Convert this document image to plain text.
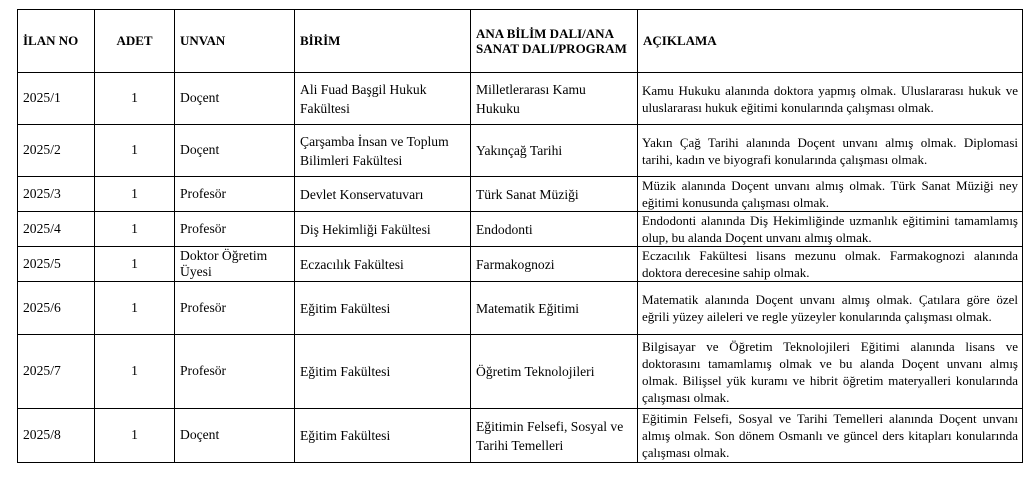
İLAN NO	ADET	UNVAN	BİRİM	ANA BİLİM DALI/ANA SANAT DALI/PROGRAM	AÇIKLAMA
2025/1	1	Doçent	Ali Fuad Başgil Hukuk Fakültesi	Milletlerarası Kamu Hukuku	Kamu Hukuku alanında doktora yapmış olmak. Uluslararası hukuk ve uluslararası hukuk eğitimi konularında çalışması olmak.
2025/2	1	Doçent	Çarşamba İnsan ve Toplum Bilimleri Fakültesi	Yakınçağ Tarihi	Yakın Çağ Tarihi alanında Doçent unvanı almış olmak. Diplomasi tarihi, kadın ve biyografi konularında çalışması olmak.
2025/3	1	Profesör	Devlet Konservatuvarı	Türk Sanat Müziği	Müzik alanında Doçent unvanı almış olmak. Türk Sanat Müziği ney eğitimi konusunda çalışması olmak.
2025/4	1	Profesör	Diş Hekimliği Fakültesi	Endodonti	Endodonti alanında Diş Hekimliğinde uzmanlık eğitimini tamamlamış olup, bu alanda Doçent unvanı almış olmak.
2025/5	1	Doktor Öğretim Üyesi	Eczacılık Fakültesi	Farmakognozi	Eczacılık Fakültesi lisans mezunu olmak. Farmakognozi alanında doktora derecesine sahip olmak.
2025/6	1	Profesör	Eğitim Fakültesi	Matematik Eğitimi	Matematik alanında Doçent unvanı almış olmak. Çatılara göre özel eğrili yüzey aileleri ve regle yüzeyler konularında çalışması olmak.
2025/7	1	Profesör	Eğitim Fakültesi	Öğretim Teknolojileri	Bilgisayar ve Öğretim Teknolojileri Eğitimi alanında lisans ve doktorasını tamamlamış olmak ve bu alanda Doçent unvanı almış olmak. Bilişsel yük kuramı ve hibrit öğretim materyalleri konularında çalışması olmak.
2025/8	1	Doçent	Eğitim Fakültesi	Eğitimin Felsefi, Sosyal ve Tarihi Temelleri	Eğitimin Felsefi, Sosyal ve Tarihi Temelleri alanında Doçent unvanı almış olmak. Son dönem Osmanlı ve güncel ders kitapları konularında çalışması olmak.
